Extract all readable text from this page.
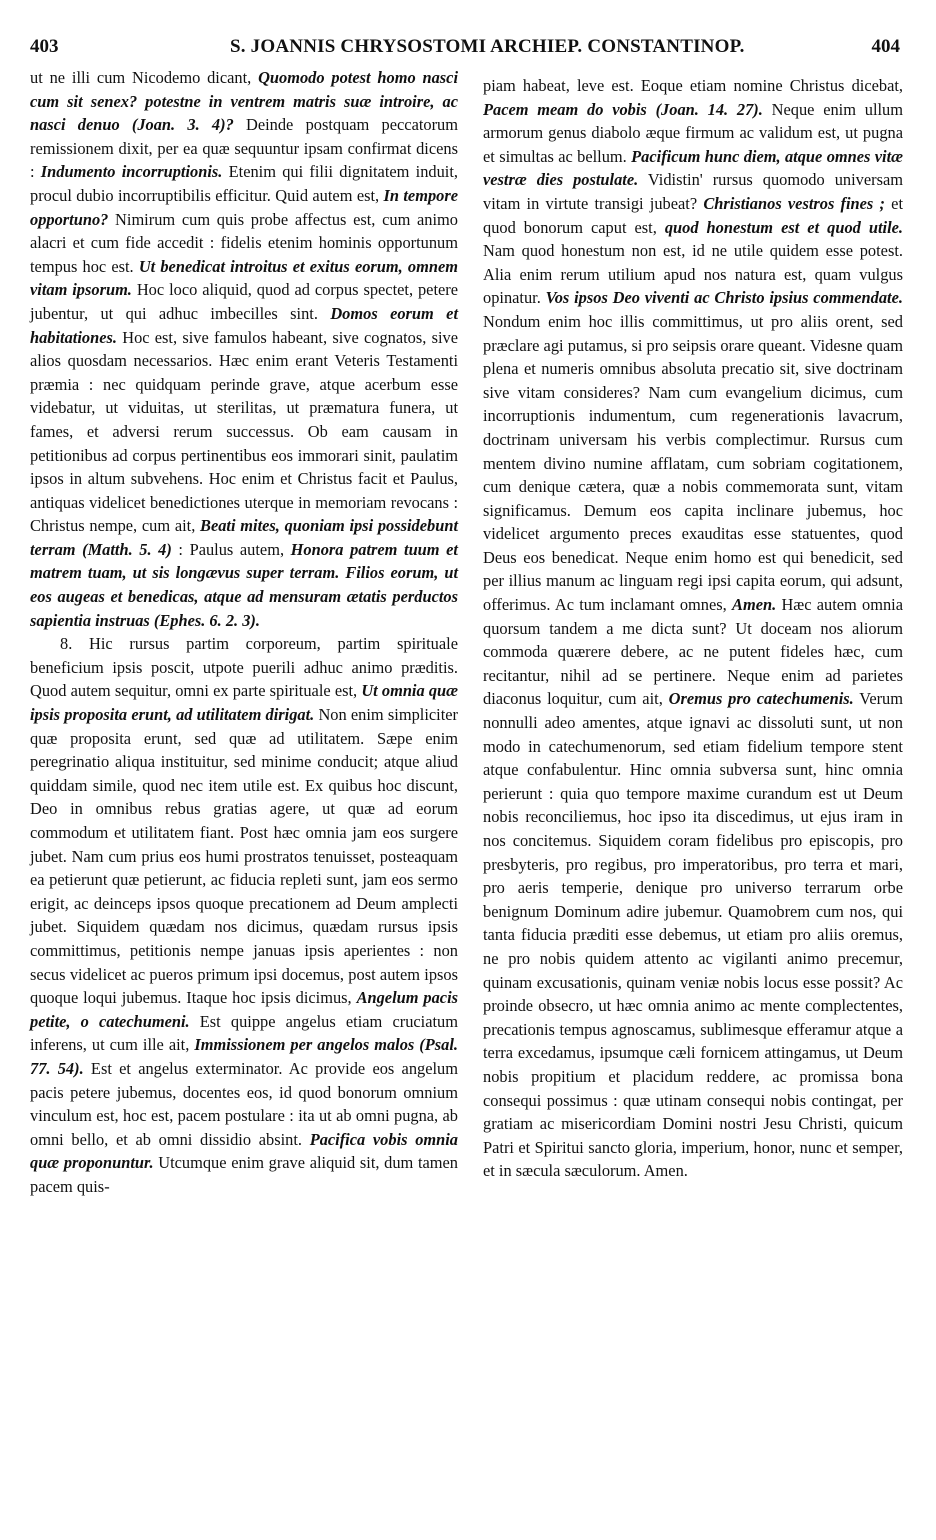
403	S. JOANNIS CHRYSOSTOMI ARCHIEP. CONSTANTINOP.	404

ut ne illi cum Nicodemo dicant, Quomodo potest homo nasci cum sit senex? potestne in ventrem matris suæ introire, ac nasci denuo (Joan. 3. 4)? Deinde postquam peccatorum remissionem dixit, per ea quæ sequuntur ipsam confirmat dicens : Indumento incorruptionis. Etenim qui filii dignitatem induit, procul dubio incorruptibilis efficitur. Quid autem est, In tempore opportuno? Nimirum cum quis probe affectus est, cum animo alacri et cum fide accedit : fidelis etenim hominis opportunum tempus hoc est. Ut benedicat introitus et exitus eorum, omnem vitam ipsorum. Hoc loco aliquid, quod ad corpus spectet, petere jubentur, ut qui adhuc imbecilles sint. Domos eorum et habitationes. Hoc est, sive famulos habeant, sive cognatos, sive alios quosdam necessarios. Hæc enim erant Veteris Testamenti præmia : nec quidquam perinde grave, atque acerbum esse videbatur, ut viduitas, ut sterilitas, ut præmatura funera, ut fames, et adversi rerum successus. Ob eam causam in petitionibus ad corpus pertinentibus eos immorari sinit, paulatim ipsos in altum subvehens. Hoc enim et Christus facit et Paulus, antiquas videlicet benedictiones uterque in memoriam revocans : Christus nempe, cum ait, Beati mites, quoniam ipsi possidebunt terram (Matth. 5. 4) : Paulus autem, Honora patrem tuum et matrem tuam, ut sis longævus super terram. Filios eorum, ut eos augeas et benedicas, atque ad mensuram ætatis perductos sapientia instruas (Ephes. 6. 2. 3).

8. Hic rursus partim corporeum, partim spirituale beneficium ipsis poscit, utpote puerili adhuc animo præditis. Quod autem sequitur, omni ex parte spirituale est, Ut omnia quæ ipsis proposita erunt, ad utilitatem dirigat. Non enim simpliciter quæ proposita erunt, sed quæ ad utilitatem. Sæpe enim peregrinatio aliqua instituitur, sed minime conducit; atque aliud quiddam simile, quod nec item utile est. Ex quibus hoc discunt, Deo in omnibus rebus gratias agere, ut quæ ad eorum commodum et utilitatem fiant. Post hæc omnia jam eos surgere jubet. Nam cum prius eos humi prostratos tenuisset, posteaquam ea petierunt quæ petierunt, ac fiducia repleti sunt, jam eos sermo erigit, ac deinceps ipsos quoque precationem ad Deum amplecti jubet. Siquidem quædam nos dicimus, quædam rursus ipsis committimus, petitionis nempe januas ipsis aperientes : non secus videlicet ac pueros primum ipsi docemus, post autem ipsos quoque loqui jubemus. Itaque hoc ipsis dicimus, Angelum pacis petite, o catechumeni. Est quippe angelus etiam cruciatum inferens, ut cum ille ait, Immissionem per angelos malos (Psal. 77. 54). Est et angelus exterminator. Ac provide eos angelum pacis petere jubemus, docentes eos, id quod bonorum omnium vinculum est, hoc est, pacem postulare : ita ut ab omni pugna, ab omni bello, et ab omni dissidio absint. Pacifica vobis omnia quæ proponuntur. Utcumque enim grave aliquid sit, dum tamen pacem quis-

piam habeat, leve est. Eoque etiam nomine Christus dicebat, Pacem meam do vobis (Joan. 14. 27). Neque enim ullum armorum genus diabolo æque firmum ac validum est, ut pugna et simultas ac bellum. Pacificum hunc diem, atque omnes vitæ vestræ dies postulate. Vidistin' rursus quomodo universam vitam in virtute transigi jubeat? Christianos vestros fines ; et quod bonorum caput est, quod honestum est et quod utile. Nam quod honestum non est, id ne utile quidem esse potest. Alia enim rerum utilium apud nos natura est, quam vulgus opinatur. Vos ipsos Deo viventi ac Christo ipsius commendate. Nondum enim hoc illis committimus, ut pro aliis orent, sed præclare agi putamus, si pro seipsis orare queant. Videsne quam plena et numeris omnibus absoluta precatio sit, sive doctrinam sive vitam consideres? Nam cum evangelium dicimus, cum incorruptionis indumentum, cum regenerationis lavacrum, doctrinam universam his verbis complectimur. Rursus cum mentem divino numine afflatam, cum sobriam cogitationem, cum denique cætera, quæ a nobis commemorata sunt, vitam significamus. Demum eos capita inclinare jubemus, hoc videlicet argumento preces exauditas esse statuentes, quod Deus eos benedicat. Neque enim homo est qui benedicit, sed per illius manum ac linguam regi ipsi capita eorum, qui adsunt, offerimus. Ac tum inclamant omnes, Amen. Hæc autem omnia quorsum tandem a me dicta sunt? Ut doceam nos aliorum commoda quærere debere, ac ne putent fideles hæc, cum recitantur, nihil ad se pertinere. Neque enim ad parietes diaconus loquitur, cum ait, Oremus pro catechumenis. Verum nonnulli adeo amentes, atque ignavi ac dissoluti sunt, ut non modo in catechumenorum, sed etiam fidelium tempore stent atque confabulentur. Hinc omnia subversa sunt, hinc omnia perierunt : quia quo tempore maxime curandum est ut Deum nobis reconciliemus, hoc ipso ita discedimus, ut ejus iram in nos concitemus. Siquidem coram fidelibus pro episcopis, pro presbyteris, pro regibus, pro imperatoribus, pro terra et mari, pro aeris temperie, denique pro universo terrarum orbe benignum Dominum adire jubemur. Quamobrem cum nos, qui tanta fiducia præditi esse debemus, ut etiam pro aliis oremus, ne pro nobis quidem attento ac vigilanti animo precemur, quinam excusationis, quinam veniæ nobis locus esse possit? Ac proinde obsecro, ut hæc omnia animo ac mente complectentes, precationis tempus agnoscamus, sublimesque efferamur atque a terra excedamus, ipsumque cæli fornicem attingamus, ut Deum nobis propitium et placidum reddere, ac promissa bona consequi possimus : quæ utinam consequi nobis contingat, per gratiam ac misericordiam Domini nostri Jesu Christi, quicum Patri et Spiritui sancto gloria, imperium, honor, nunc et semper, et in sæcula sæculorum. Amen.
